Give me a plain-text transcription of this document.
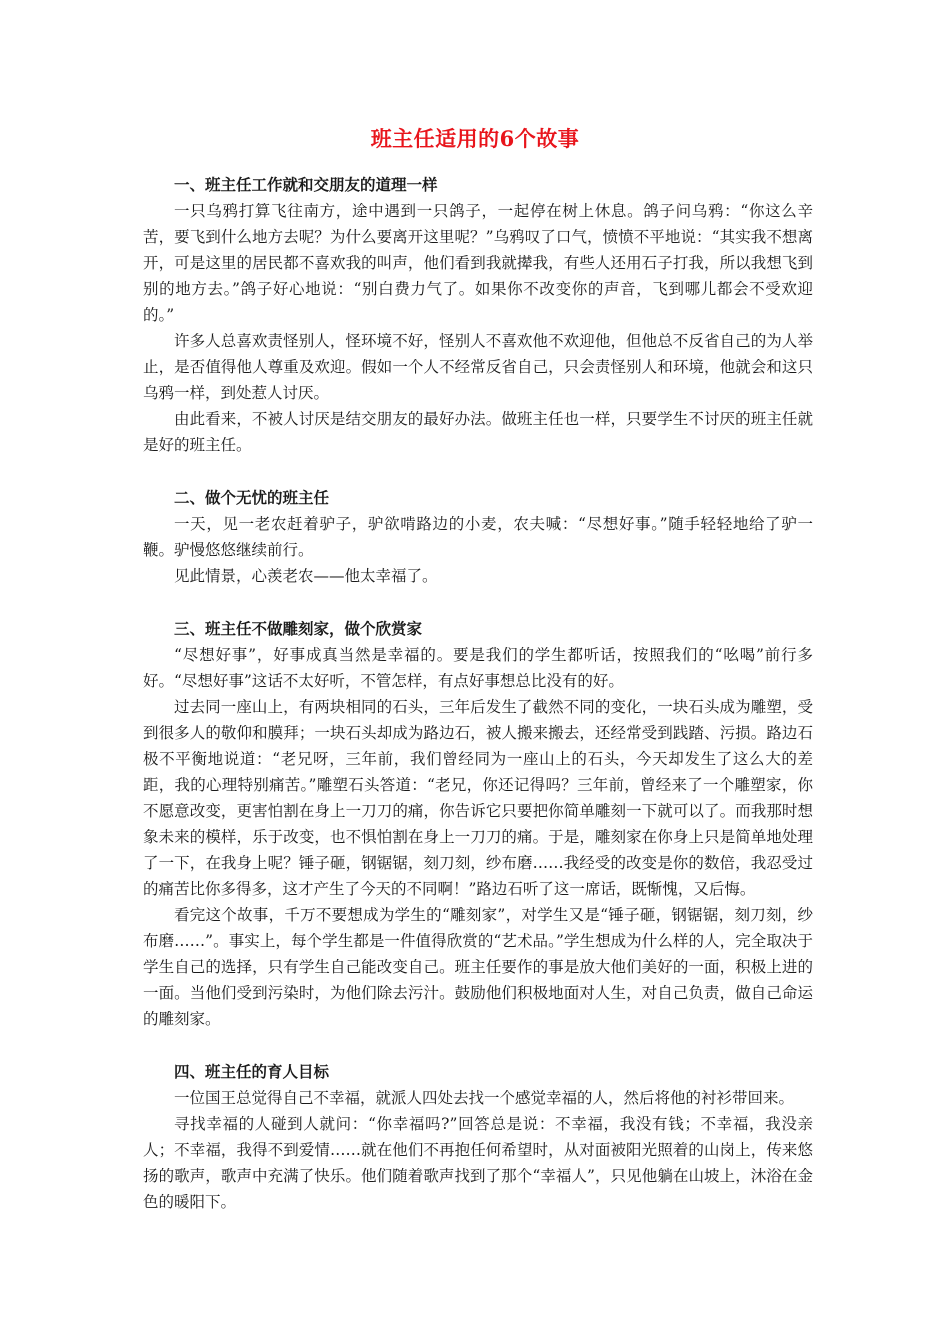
班主任适用的6个故事

一、班主任工作就和交朋友的道理一样

一只乌鸦打算飞往南方，途中遇到一只鸽子，一起停在树上休息。鸽子问乌鸦：“你这么辛苦，要飞到什么地方去呢？为什么要离开这里呢？”乌鸦叹了口气，愤愤不平地说：“其实我不想离开，可是这里的居民都不喜欢我的叫声，他们看到我就撵我，有些人还用石子打我，所以我想飞到别的地方去。”鸽子好心地说：“别白费力气了。如果你不改变你的声音，飞到哪儿都会不受欢迎的。”

许多人总喜欢责怪别人，怪环境不好，怪别人不喜欢他不欢迎他，但他总不反省自己的为人举止，是否值得他人尊重及欢迎。假如一个人不经常反省自己，只会责怪别人和环境，他就会和这只乌鸦一样，到处惹人讨厌。

由此看来，不被人讨厌是结交朋友的最好办法。做班主任也一样，只要学生不讨厌的班主任就是好的班主任。

二、做个无忧的班主任

一天，见一老农赶着驴子，驴欲啃路边的小麦，农夫喊：“尽想好事。”随手轻轻地给了驴一鞭。驴慢悠悠继续前行。

见此情景，心羡老农——他太幸福了。

三、班主任不做雕刻家，做个欣赏家

“尽想好事”，好事成真当然是幸福的。要是我们的学生都听话，按照我们的“吆喝”前行多好。“尽想好事”这话不太好听，不管怎样，有点好事想总比没有的好。

过去同一座山上，有两块相同的石头，三年后发生了截然不同的变化，一块石头成为雕塑，受到很多人的敬仰和膜拜；一块石头却成为路边石，被人搬来搬去，还经常受到践踏、污损。路边石极不平衡地说道：“老兄呀，三年前，我们曾经同为一座山上的石头，今天却发生了这么大的差距，我的心理特别痛苦。”雕塑石头答道：“老兄，你还记得吗？三年前，曾经来了一个雕塑家，你不愿意改变，更害怕割在身上一刀刀的痛，你告诉它只要把你简单雕刻一下就可以了。而我那时想象未来的模样，乐于改变，也不惧怕割在身上一刀刀的痛。于是，雕刻家在你身上只是简单地处理了一下，在我身上呢？锤子砸，钢锯锯，刻刀刻，纱布磨……我经受的改变是你的数倍，我忍受过的痛苦比你多得多，这才产生了今天的不同啊！”路边石听了这一席话，既惭愧，又后悔。

看完这个故事，千万不要想成为学生的“雕刻家”，对学生又是“锤子砸，钢锯锯，刻刀刻，纱布磨……”。事实上，每个学生都是一件值得欣赏的“艺术品。”学生想成为什么样的人，完全取决于学生自己的选择，只有学生自己能改变自己。班主任要作的事是放大他们美好的一面，积极上进的一面。当他们受到污染时，为他们除去污汁。鼓励他们积极地面对人生，对自己负责，做自己命运的雕刻家。

四、班主任的育人目标

一位国王总觉得自己不幸福，就派人四处去找一个感觉幸福的人，然后将他的衬衫带回来。

寻找幸福的人碰到人就问：“你幸福吗?”回答总是说：不幸福，我没有钱；不幸福，我没亲人；不幸福，我得不到爱情……就在他们不再抱任何希望时，从对面被阳光照着的山岗上，传来悠扬的歌声，歌声中充满了快乐。他们随着歌声找到了那个“幸福人”，只见他躺在山坡上，沐浴在金色的暖阳下。
